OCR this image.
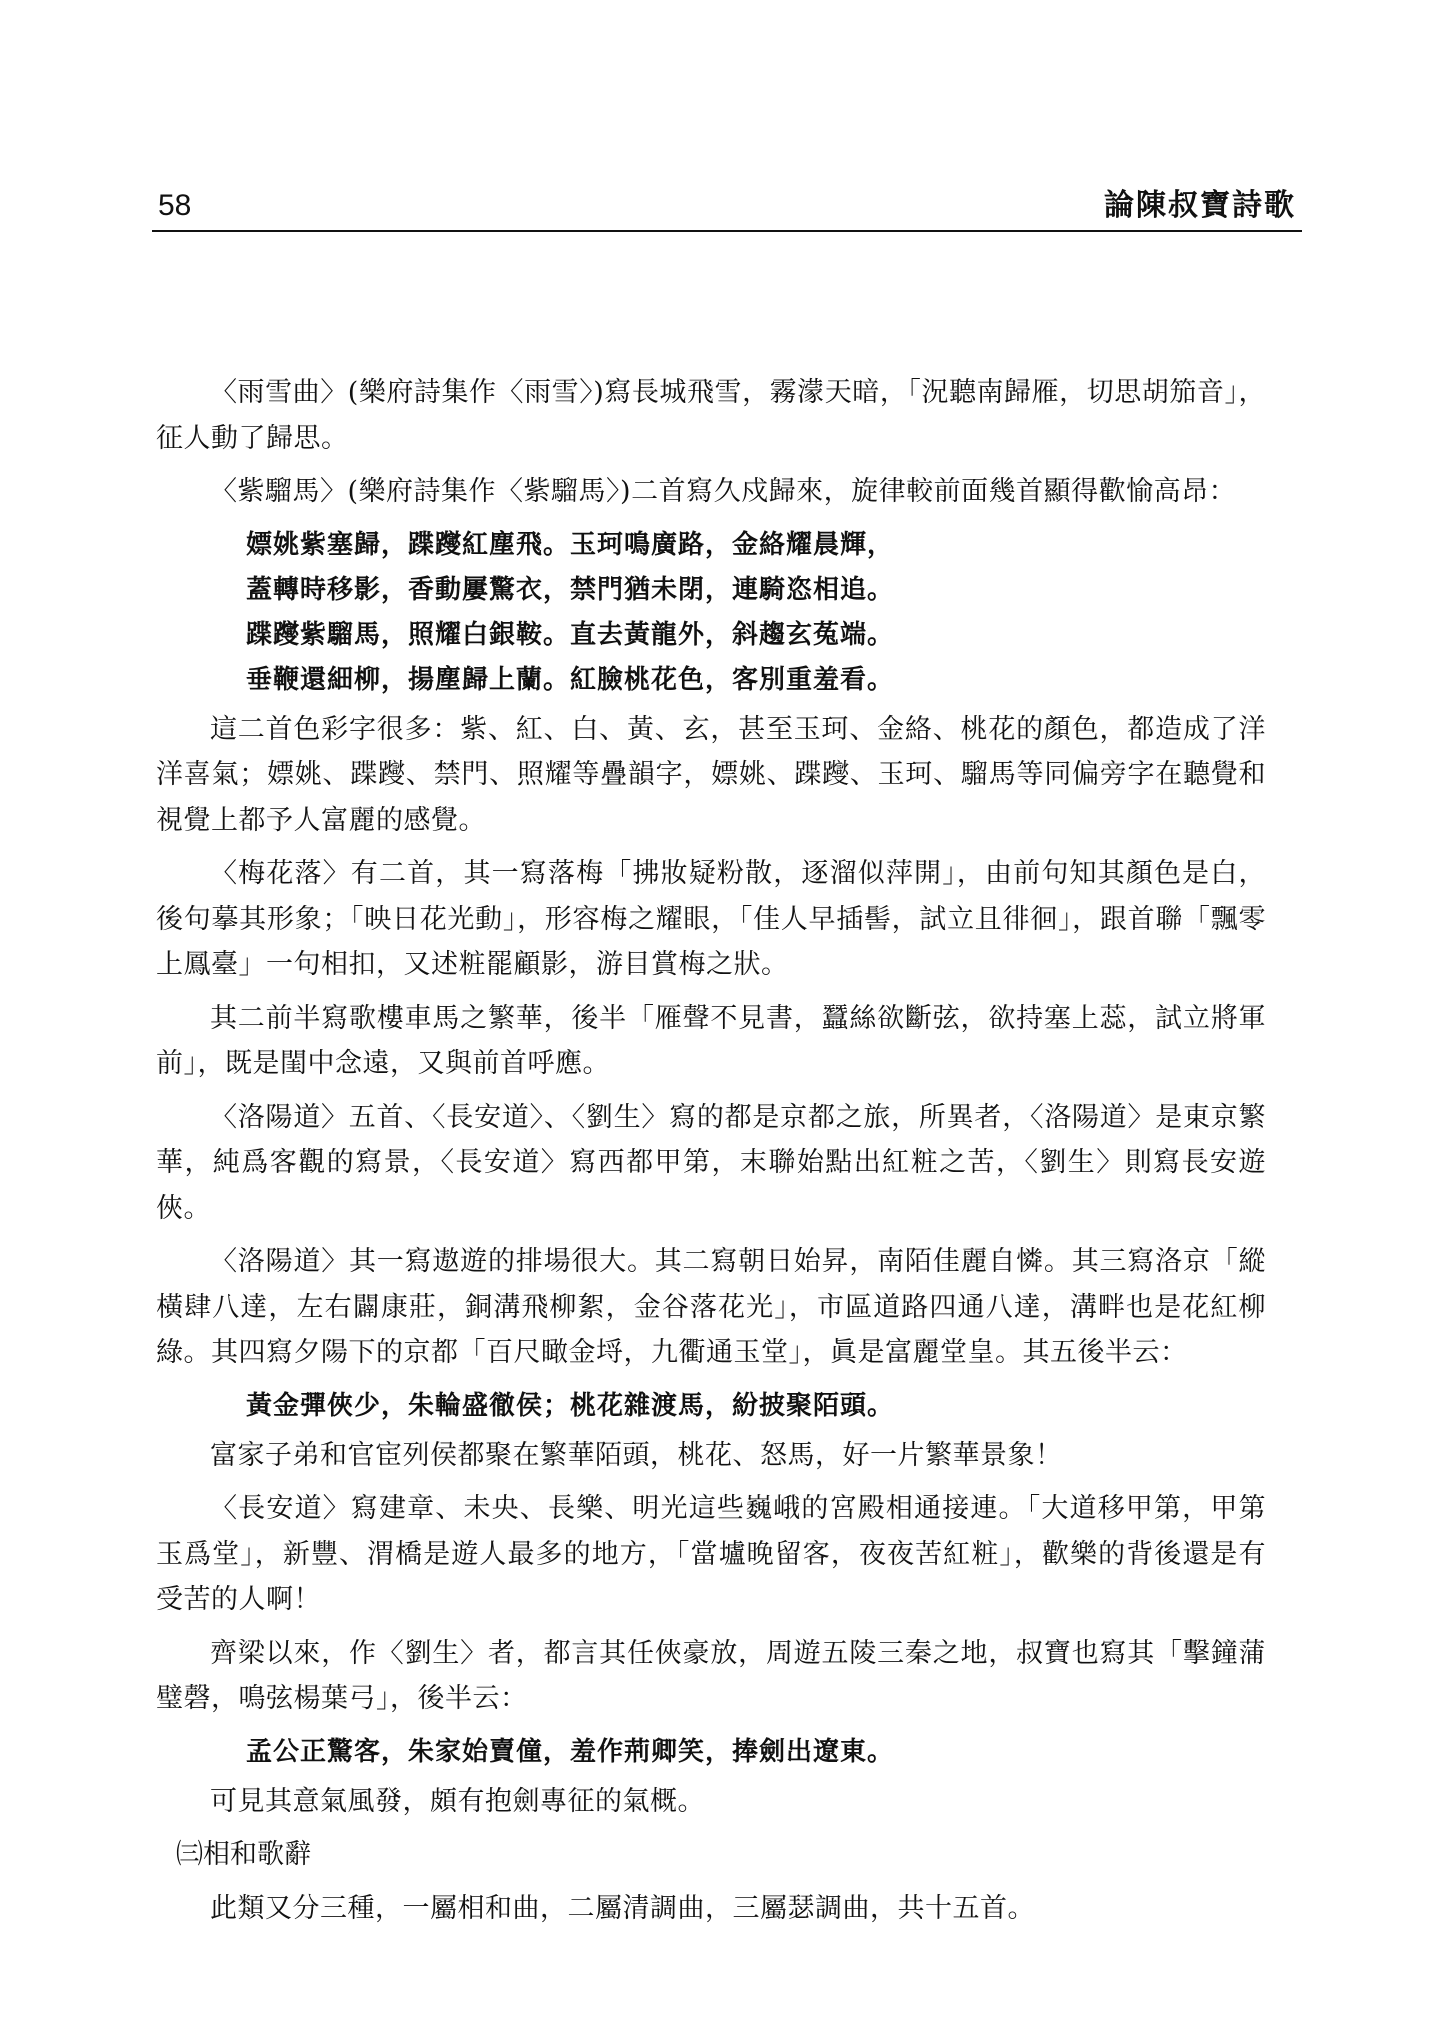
58	論陳叔寶詩歌

〈雨雪曲〉(樂府詩集作〈雨雪〉)寫長城飛雪，霧濛天暗，「況聽南歸雁，切思胡笳音」，征人動了歸思。

〈紫騮馬〉(樂府詩集作〈紫騮馬〉)二首寫久戍歸來，旋律較前面幾首顯得歡愉高昂：

嫖姚紫塞歸，蹀躞紅塵飛。玉珂鳴廣路，金絡耀晨輝，
蓋轉時移影，香動屢驚衣，禁門猶未閉，連騎恣相追。
蹀躞紫騮馬，照耀白銀鞍。直去黃龍外，斜趨玄菟端。
垂鞭還細柳，揚塵歸上蘭。紅臉桃花色，客別重羞看。

這二首色彩字很多：紫、紅、白、黃、玄，甚至玉珂、金絡、桃花的顏色，都造成了洋洋喜氣；嫖姚、蹀躞、禁門、照耀等疊韻字，嫖姚、蹀躞、玉珂、騮馬等同偏旁字在聽覺和視覺上都予人富麗的感覺。

〈梅花落〉有二首，其一寫落梅「拂妝疑粉散，逐溜似萍開」，由前句知其顏色是白，後句摹其形象；「映日花光動」，形容梅之耀眼，「佳人早插髻，試立且徘徊」，跟首聯「飄零上鳳臺」一句相扣，又述粧罷顧影，游目賞梅之狀。

其二前半寫歌樓車馬之繁華，後半「雁聲不見書，蠶絲欲斷弦，欲持塞上蕊，試立將軍前」，既是閨中念遠，又與前首呼應。

〈洛陽道〉五首、〈長安道〉、〈劉生〉寫的都是京都之旅，所異者，〈洛陽道〉是東京繁華，純爲客觀的寫景，〈長安道〉寫西都甲第，末聯始點出紅粧之苦，〈劉生〉則寫長安遊俠。

〈洛陽道〉其一寫遨遊的排場很大。其二寫朝日始昇，南陌佳麗自憐。其三寫洛京「縱橫肆八達，左右闢康莊，銅溝飛柳絮，金谷落花光」，市區道路四通八達，溝畔也是花紅柳綠。其四寫夕陽下的京都「百尺瞰金埒，九衢通玉堂」，眞是富麗堂皇。其五後半云：

黃金彈俠少，朱輪盛徹侯；桃花雜渡馬，紛披聚陌頭。

富家子弟和官宦列侯都聚在繁華陌頭，桃花、怒馬，好一片繁華景象！

〈長安道〉寫建章、未央、長樂、明光這些巍峨的宮殿相通接連。「大道移甲第，甲第玉爲堂」，新豐、渭橋是遊人最多的地方，「當壚晚留客，夜夜苦紅粧」，歡樂的背後還是有受苦的人啊！

齊梁以來，作〈劉生〉者，都言其任俠豪放，周遊五陵三秦之地，叔寶也寫其「擊鐘蒲璧磬，鳴弦楊葉弓」，後半云：

孟公正驚客，朱家始賣僮，羞作荊卿笑，捧劍出遼東。

可見其意氣風發，頗有抱劍專征的氣概。

㈢相和歌辭

此類又分三種，一屬相和曲，二屬清調曲，三屬瑟調曲，共十五首。
